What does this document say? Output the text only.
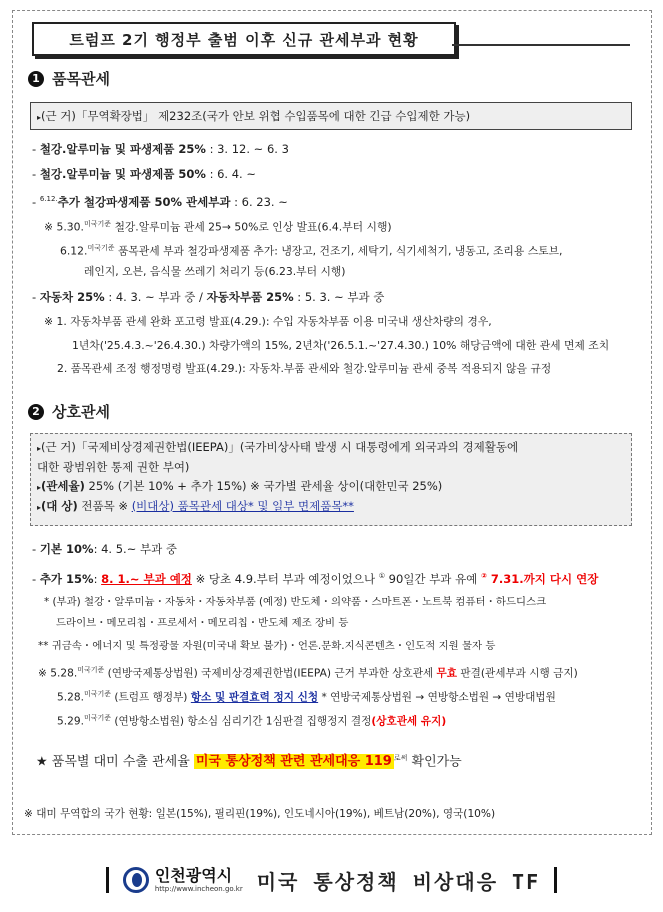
트럼프 2기 행정부 출범 이후 신규 관세부과 현황
1 품목관세
▸(근 거)「무역확장법」 제232조(국가 안보 위협 수입품목에 대한 긴급 수입제한 가능)
- 철강.알루미늄 및 파생제품 25% : 3. 12. ~ 6. 3
- 철강.알루미늄 및 파생제품 50% : 6. 4. ~
- $^{6.12.}$추가 철강파생제품 50% 관세부과 : 6. 23. ~
※ 5.30.$^{미국기준}$ 철강.알루미늄 관세 25→ 50%로 인상 발표(6.4.부터 시행)
6.12.$^{미국기준}$ 품목관세 부과 철강파생제품 추가: 냉장고, 건조기, 세탁기, 식기세척기, 냉동고, 조리용 스토브,
레인지, 오븐, 음식물 쓰레기 처리기 등(6.23.부터 시행)
- 자동차 25% : 4. 3. ~ 부과 중 / 자동차부품 25% : 5. 3. ~ 부과 중
※ 1. 자동차부품 관세 완화 포고령 발표(4.29.): 수입 자동차부품 이용 미국내 생산차량의 경우,
1년차('25.4.3.~'26.4.30.) 차량가액의 15%, 2년차('26.5.1.~'27.4.30.) 10% 해당금액에 대한 관세 면제 조치
2. 품목관세 조정 행정명령 발표(4.29.): 자동차.부품 관세와 철강.알루미늄 관세 중복 적용되지 않을 규정
2 상호관세
▸(근 거)「국제비상경제권한법(IEEPA)」(국가비상사태 발생 시 대통령에게 외국과의 경제활동에
대한 광범위한 통제 권한 부여)
▸(관세율) 25% (기본 10% + 추가 15%) ※ 국가별 관세율 상이(대한민국 25%)
▸(대 상) 전품목 ※ (비대상) 품목관세 대상* 및 일부 면제품목**
- 기본 10%: 4. 5.~ 부과 중
- 추가 15%: 8. 1.~ 부과 예정 ※ 당초 4.9.부터 부과 예정이었으나 ① 90일간 부과 유예 ② 7.31.까지 다시 연장
* (부과) 철강・알루미늄・자동차・자동차부품 (예정) 반도체・의약품・스마트폰・노트북 컴퓨터・하드디스크
드라이브・메모리칩・프로세서・메모리칩・반도체 제조 장비 등
** 귀금속・에너지 및 특정광물 자원(미국내 확보 불가)・언론.문화.지식콘텐츠・인도적 지원 물자 등
※ 5.28.$^{미국기준}$ (연방국제통상법원) 국제비상경제권한법(IEEPA) 근거 부과한 상호관세 무효 판결(관세부과 시행 금지)
5.28.$^{미국기준}$ (트럼프 행정부) 항소 및 판결효력 정지 신청 * 연방국제통상법원 → 연방항소법원 → 연방대법원
5.29.$^{미국기준}$ (연방항소법원) 항소심 심리기간 1심판결 집행정지 결정(상호관세 유지)
★ 품목별 대미 수출 관세율 미국 통상정책 관련 관세대응 119 $^{로써}$ 확인가능
※ 대미 무역합의 국가 현황: 일본(15%), 필리핀(19%), 인도네시아(19%), 베트남(20%), 영국(10%)
인천광역시
http://www.incheon.go.kr 미국 통상정책 비상대응 TF
